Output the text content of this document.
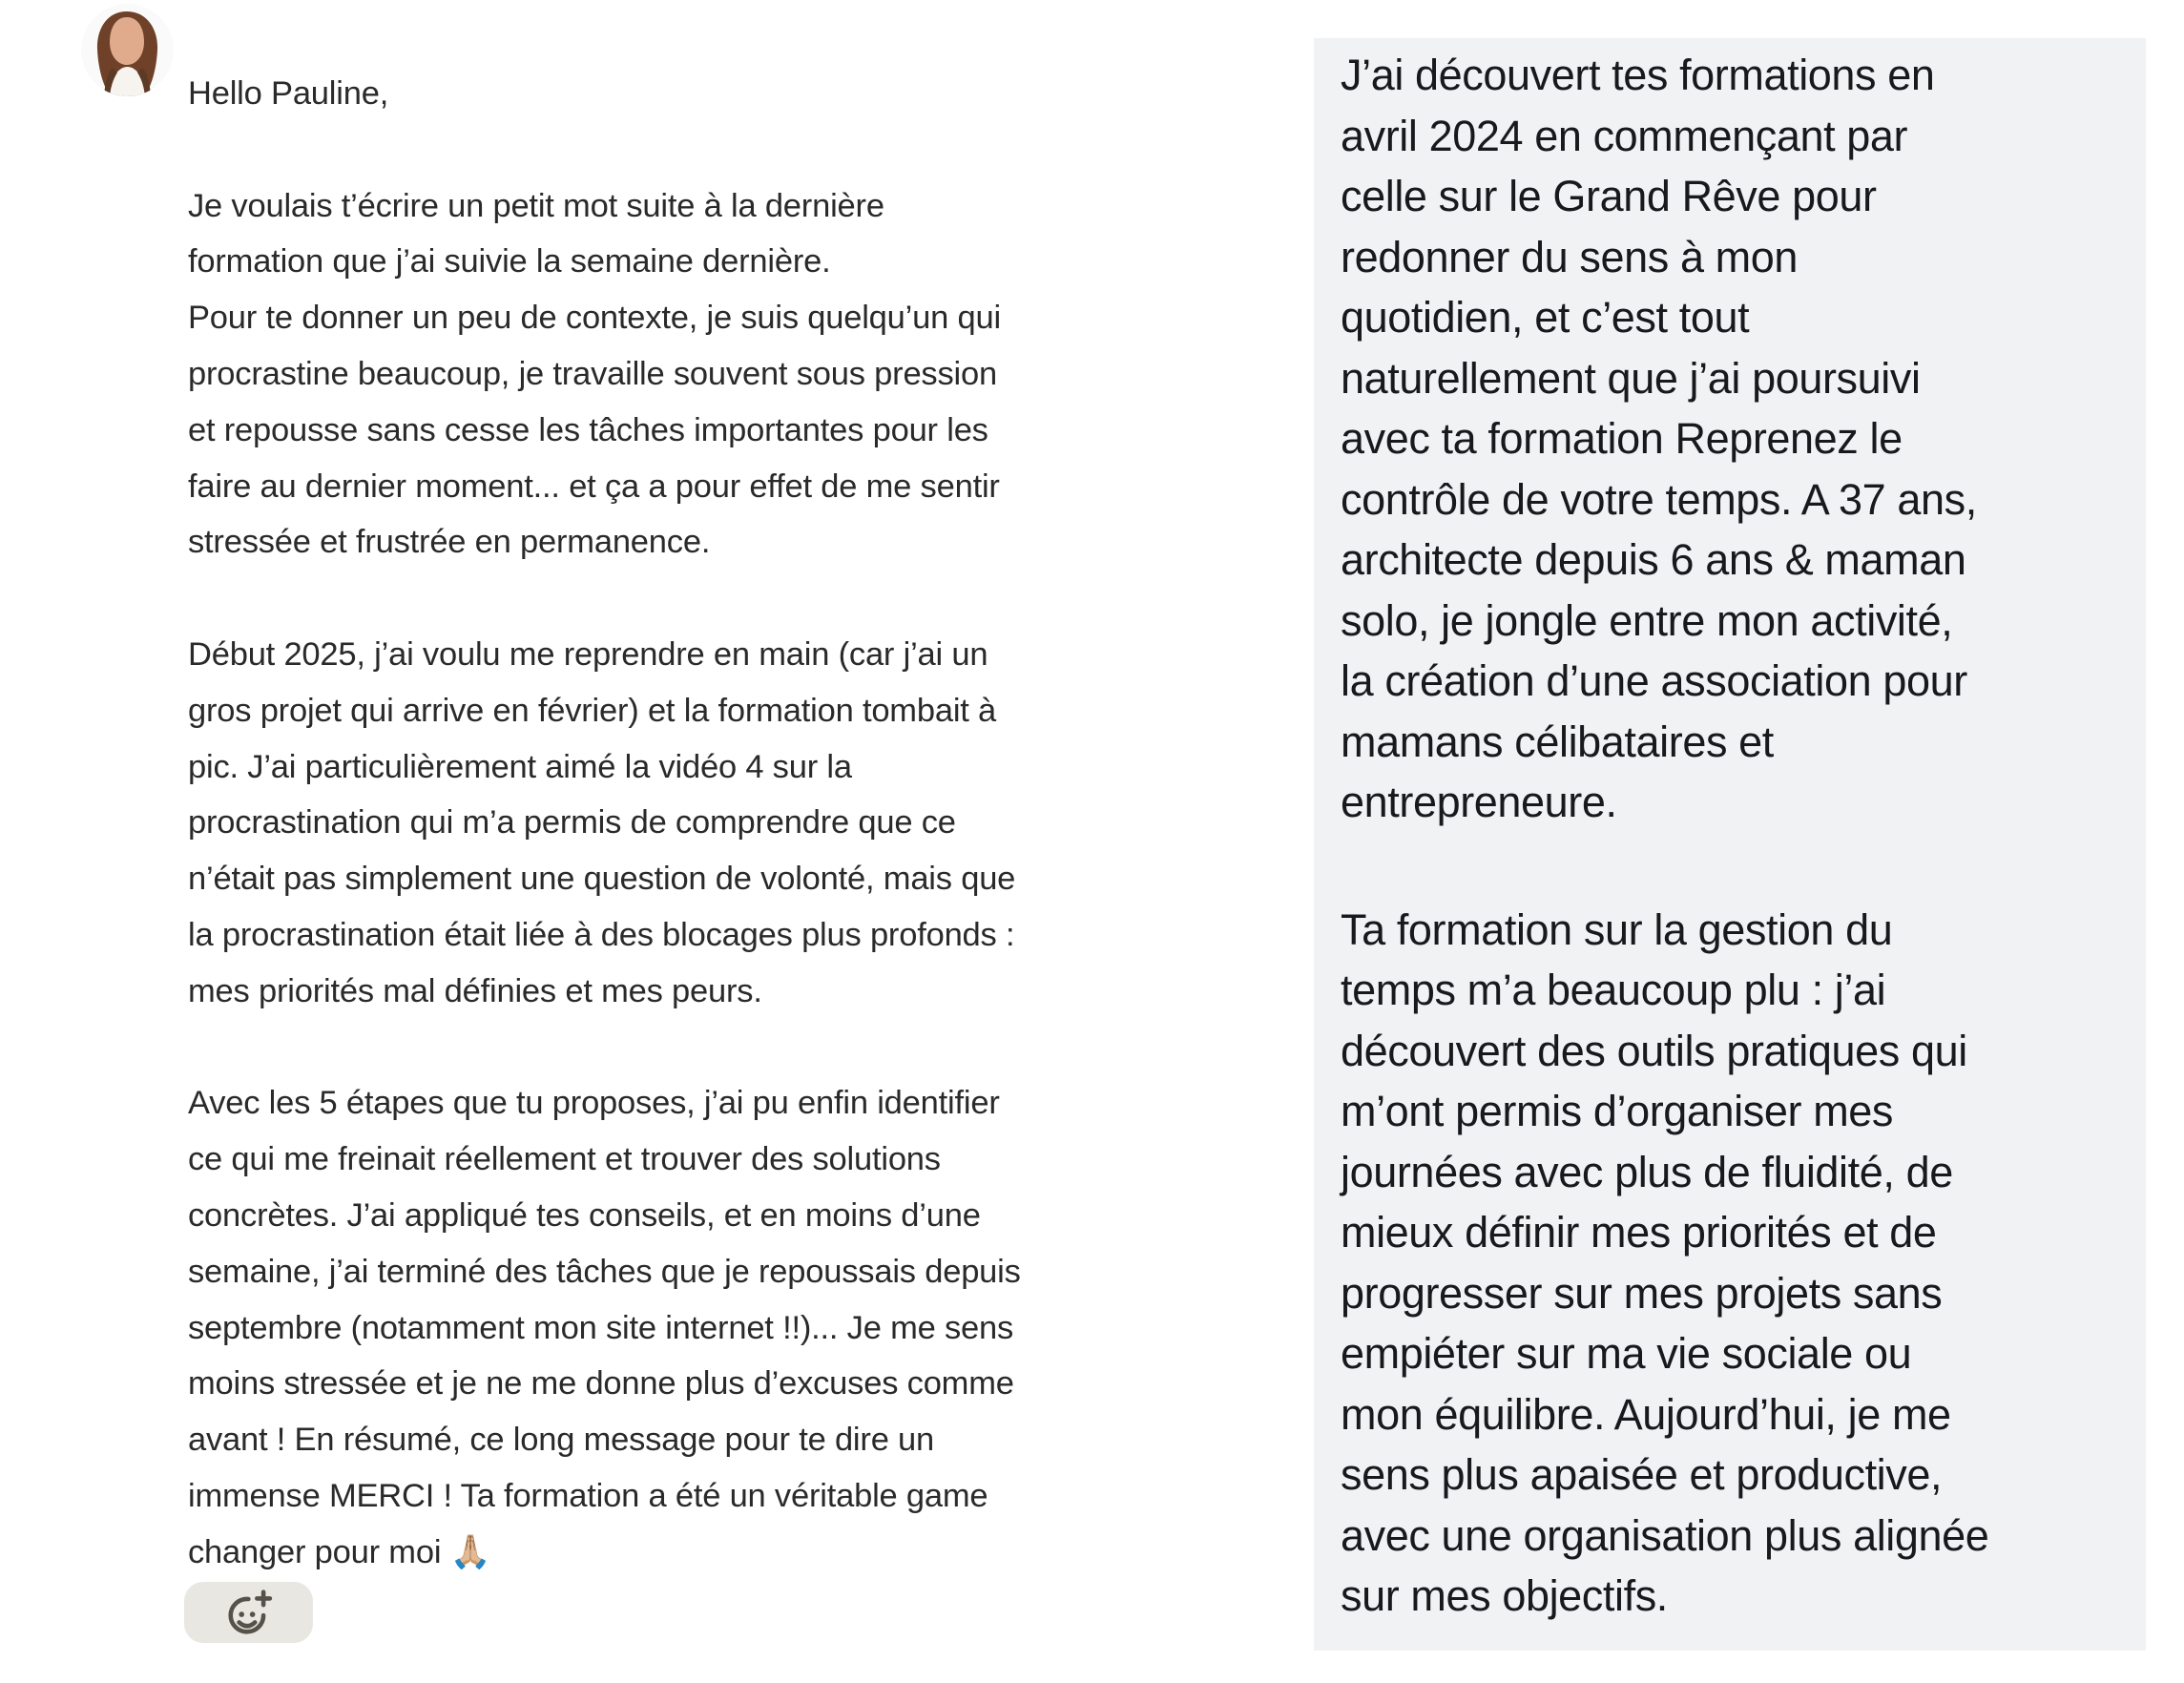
Hello Pauline,
Je voulais t’écrire un petit mot suite à la dernière
formation que j’ai suivie la semaine dernière.
Pour te donner un peu de contexte, je suis quelqu’un qui
procrastine beaucoup, je travaille souvent sous pression
et repousse sans cesse les tâches importantes pour les
faire au dernier moment... et ça a pour effet de me sentir
stressée et frustrée en permanence.
Début 2025, j’ai voulu me reprendre en main (car j’ai un
gros projet qui arrive en février) et la formation tombait à
pic. J’ai particulièrement aimé la vidéo 4 sur la
procrastination qui m’a permis de comprendre que ce
n’était pas simplement une question de volonté, mais que
la procrastination était liée à des blocages plus profonds :
mes priorités mal définies et mes peurs.
Avec les 5 étapes que tu proposes, j’ai pu enfin identifier
ce qui me freinait réellement et trouver des solutions
concrètes. J’ai appliqué tes conseils, et en moins d’une
semaine, j’ai terminé des tâches que je repoussais depuis
septembre (notamment mon site internet !!)... Je me sens
moins stressée et je ne me donne plus d’excuses comme
avant ! En résumé, ce long message pour te dire un
immense MERCI ! Ta formation a été un véritable game
changer pour moi 🙏🏼
J’ai découvert tes formations en
avril 2024 en commençant par
celle sur le Grand Rêve pour
redonner du sens à mon
quotidien, et c’est tout
naturellement que j’ai poursuivi
avec ta formation Reprenez le
contrôle de votre temps. A 37 ans,
architecte depuis 6 ans & maman
solo, je jongle entre mon activité,
la création d’une association pour
mamans célibataires et
entrepreneure.
Ta formation sur la gestion du
temps m’a beaucoup plu : j’ai
découvert des outils pratiques qui
m’ont permis d’organiser mes
journées avec plus de fluidité, de
mieux définir mes priorités et de
progresser sur mes projets sans
empiéter sur ma vie sociale ou
mon équilibre. Aujourd’hui, je me
sens plus apaisée et productive,
avec une organisation plus alignée
sur mes objectifs.
